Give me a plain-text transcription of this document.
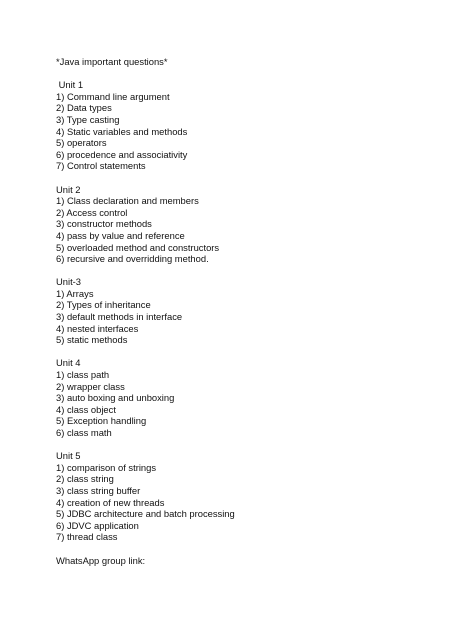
*Java important questions*
Unit 1
1) Command line argument
2) Data types
3) Type casting
4) Static variables and methods
5) operators
6) procedence and associativity
7) Control statements
Unit 2
1) Class declaration and members
2) Access control
3) constructor methods
4) pass by value and reference
5) overloaded method and constructors
6) recursive and overridding method.
Unit-3
1) Arrays
2) Types of inheritance
3) default methods in interface
4) nested interfaces
5) static methods
Unit 4
1) class path
2) wrapper class
3) auto boxing and unboxing
4) class object
5) Exception handling
6) class math
Unit 5
1) comparison of strings
2) class string
3) class string buffer
4) creation of new threads
5) JDBC architecture and batch processing
6) JDVC application
7) thread class
WhatsApp group link:
